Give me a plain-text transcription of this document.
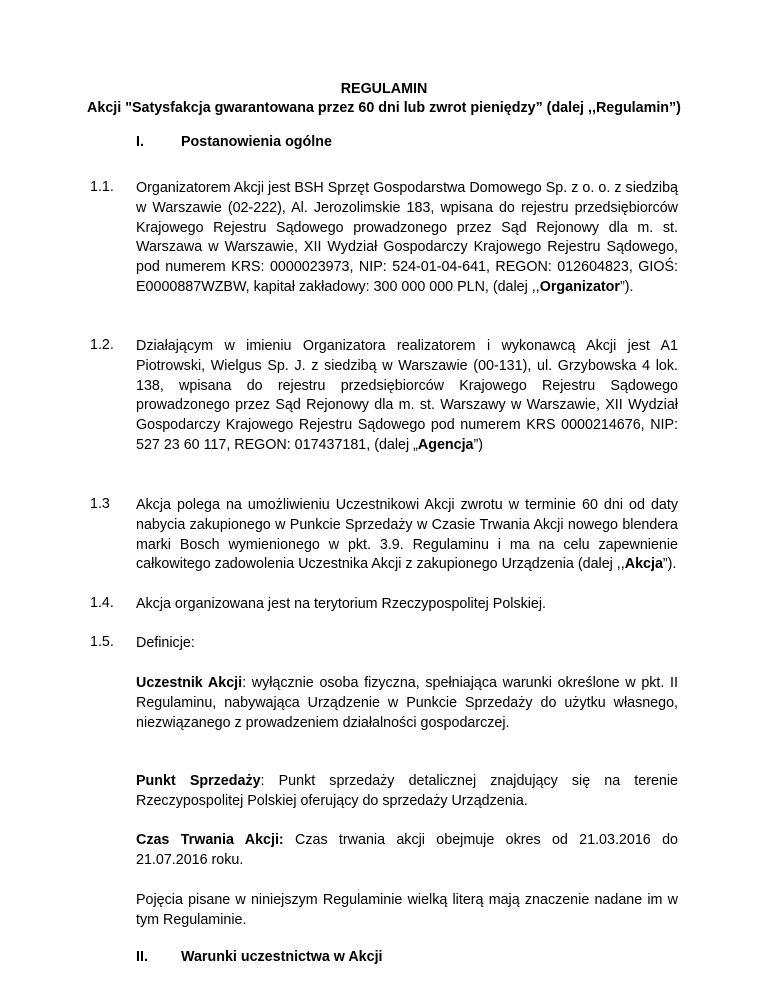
REGULAMIN
Akcji "Satysfakcja gwarantowana przez 60 dni lub zwrot pieniędzy” (dalej ,,Regulamin”)
I.	Postanowienia ogólne
1.1. Organizatorem Akcji jest BSH Sprzęt Gospodarstwa Domowego Sp. z o. o. z siedzibą w Warszawie (02-222), Al. Jerozolimskie 183, wpisana do rejestru przedsiębiorców Krajowego Rejestru Sądowego prowadzonego przez Sąd Rejonowy dla m. st. Warszawa w Warszawie, XII Wydział Gospodarczy Krajowego Rejestru Sądowego, pod numerem KRS: 0000023973, NIP: 524-01-04-641, REGON: 012604823, GIOŚ: E0000887WZBW, kapitał zakładowy: 300 000 000 PLN, (dalej ,,Organizator”).
1.2. Działającym w imieniu Organizatora realizatorem i wykonawcą Akcji jest A1 Piotrowski, Wielgus Sp. J. z siedzibą w Warszawie (00-131), ul. Grzybowska 4 lok. 138, wpisana do rejestru przedsiębiorców Krajowego Rejestru Sądowego prowadzonego przez Sąd Rejonowy dla m. st. Warszawy w Warszawie, XII Wydział Gospodarczy Krajowego Rejestru Sądowego pod numerem KRS 0000214676, NIP: 527 23 60 117, REGON: 017437181, (dalej „Agencja”)
1.3 Akcja polega na umożliwieniu Uczestnikowi Akcji zwrotu w terminie 60 dni od daty nabycia zakupionego w Punkcie Sprzedaży w Czasie Trwania Akcji nowego blendera marki Bosch wymienionego w pkt. 3.9. Regulaminu i ma na celu zapewnienie całkowitego zadowolenia Uczestnika Akcji z zakupionego Urządzenia (dalej ,,Akcja”).
1.4. Akcja organizowana jest na terytorium Rzeczypospolitej Polskiej.
1.5. Definicje:
Uczestnik Akcji: wyłącznie osoba fizyczna, spełniająca warunki określone w pkt. II Regulaminu, nabywająca Urządzenie w Punkcie Sprzedaży do użytku własnego, niezwiązanego z prowadzeniem działalności gospodarczej.
Punkt Sprzedaży: Punkt sprzedaży detalicznej znajdujący się na terenie Rzeczypospolitej Polskiej oferujący do sprzedaży Urządzenia.
Czas Trwania Akcji: Czas trwania akcji obejmuje okres od 21.03.2016 do 21.07.2016 roku.
Pojęcia pisane w niniejszym Regulaminie wielką literą mają znaczenie nadane im w tym Regulaminie.
II. Warunki uczestnictwa w Akcji
